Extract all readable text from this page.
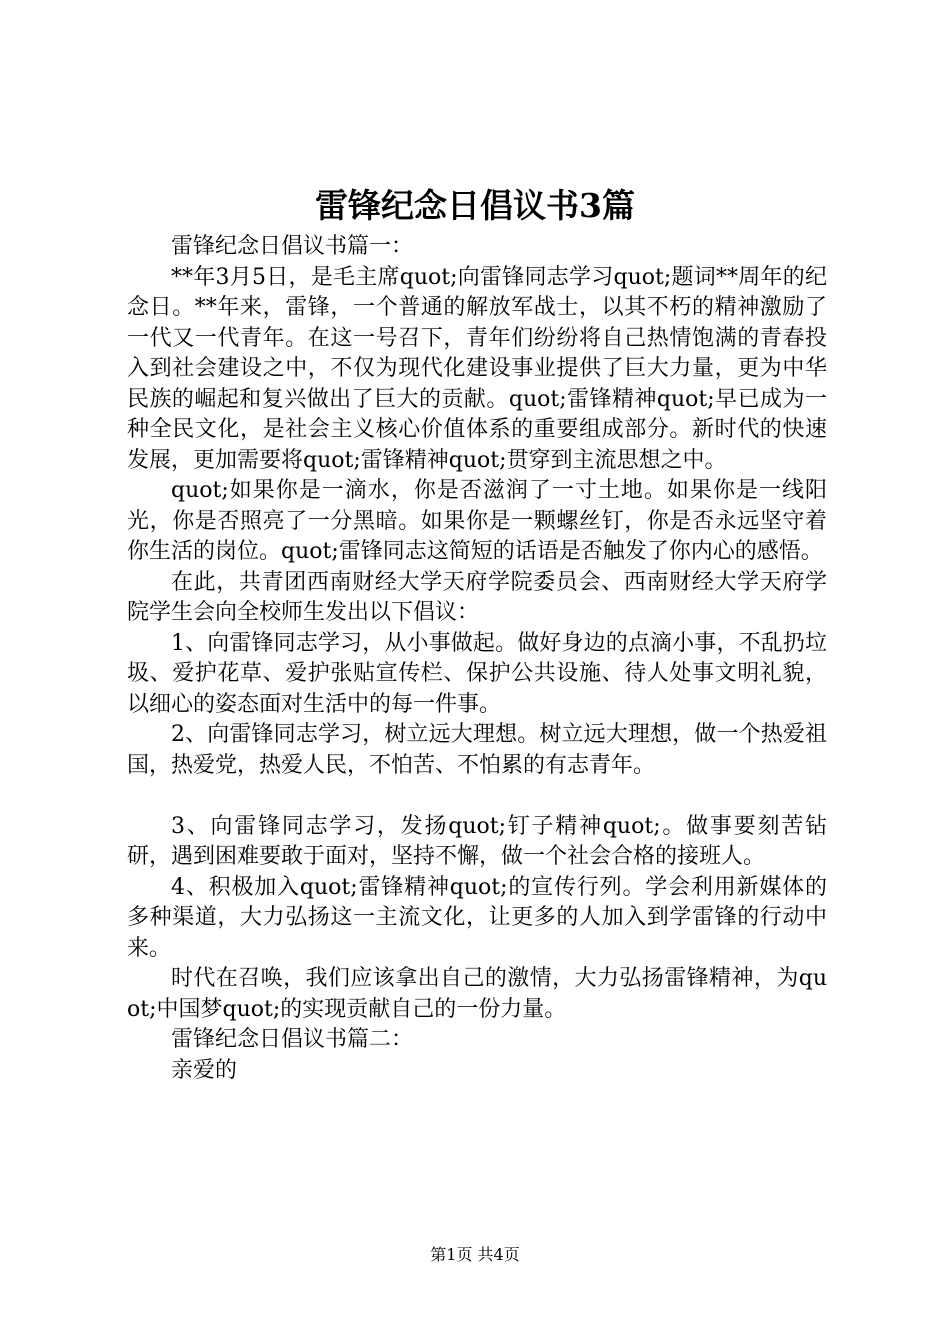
雷锋纪念日倡议书3篇

雷锋纪念日倡议书篇一：

**年3月5日，是毛主席quot;向雷锋同志学习quot;题词**周年的纪念日。**年来，雷锋，一个普通的解放军战士，以其不朽的精神激励了一代又一代青年。在这一号召下，青年们纷纷将自己热情饱满的青春投入到社会建设之中，不仅为现代化建设事业提供了巨大力量，更为中华民族的崛起和复兴做出了巨大的贡献。quot;雷锋精神quot;早已成为一种全民文化，是社会主义核心价值体系的重要组成部分。新时代的快速发展，更加需要将quot;雷锋精神quot;贯穿到主流思想之中。

quot;如果你是一滴水，你是否滋润了一寸土地。如果你是一线阳光，你是否照亮了一分黑暗。如果你是一颗螺丝钉，你是否永远坚守着你生活的岗位。quot;雷锋同志这简短的话语是否触发了你内心的感悟。

在此，共青团西南财经大学天府学院委员会、西南财经大学天府学院学生会向全校师生发出以下倡议：

1、向雷锋同志学习，从小事做起。做好身边的点滴小事，不乱扔垃圾、爱护花草、爱护张贴宣传栏、保护公共设施、待人处事文明礼貌，以细心的姿态面对生活中的每一件事。

2、向雷锋同志学习，树立远大理想。树立远大理想，做一个热爱祖国，热爱党，热爱人民，不怕苦、不怕累的有志青年。

3、向雷锋同志学习，发扬quot;钉子精神quot;。做事要刻苦钻研，遇到困难要敢于面对，坚持不懈，做一个社会合格的接班人。

4、积极加入quot;雷锋精神quot;的宣传行列。学会利用新媒体的多种渠道，大力弘扬这一主流文化，让更多的人加入到学雷锋的行动中来。

时代在召唤，我们应该拿出自己的激情，大力弘扬雷锋精神，为quot;中国梦quot;的实现贡献自己的一份力量。

雷锋纪念日倡议书篇二：

亲爱的

第1页 共4页
